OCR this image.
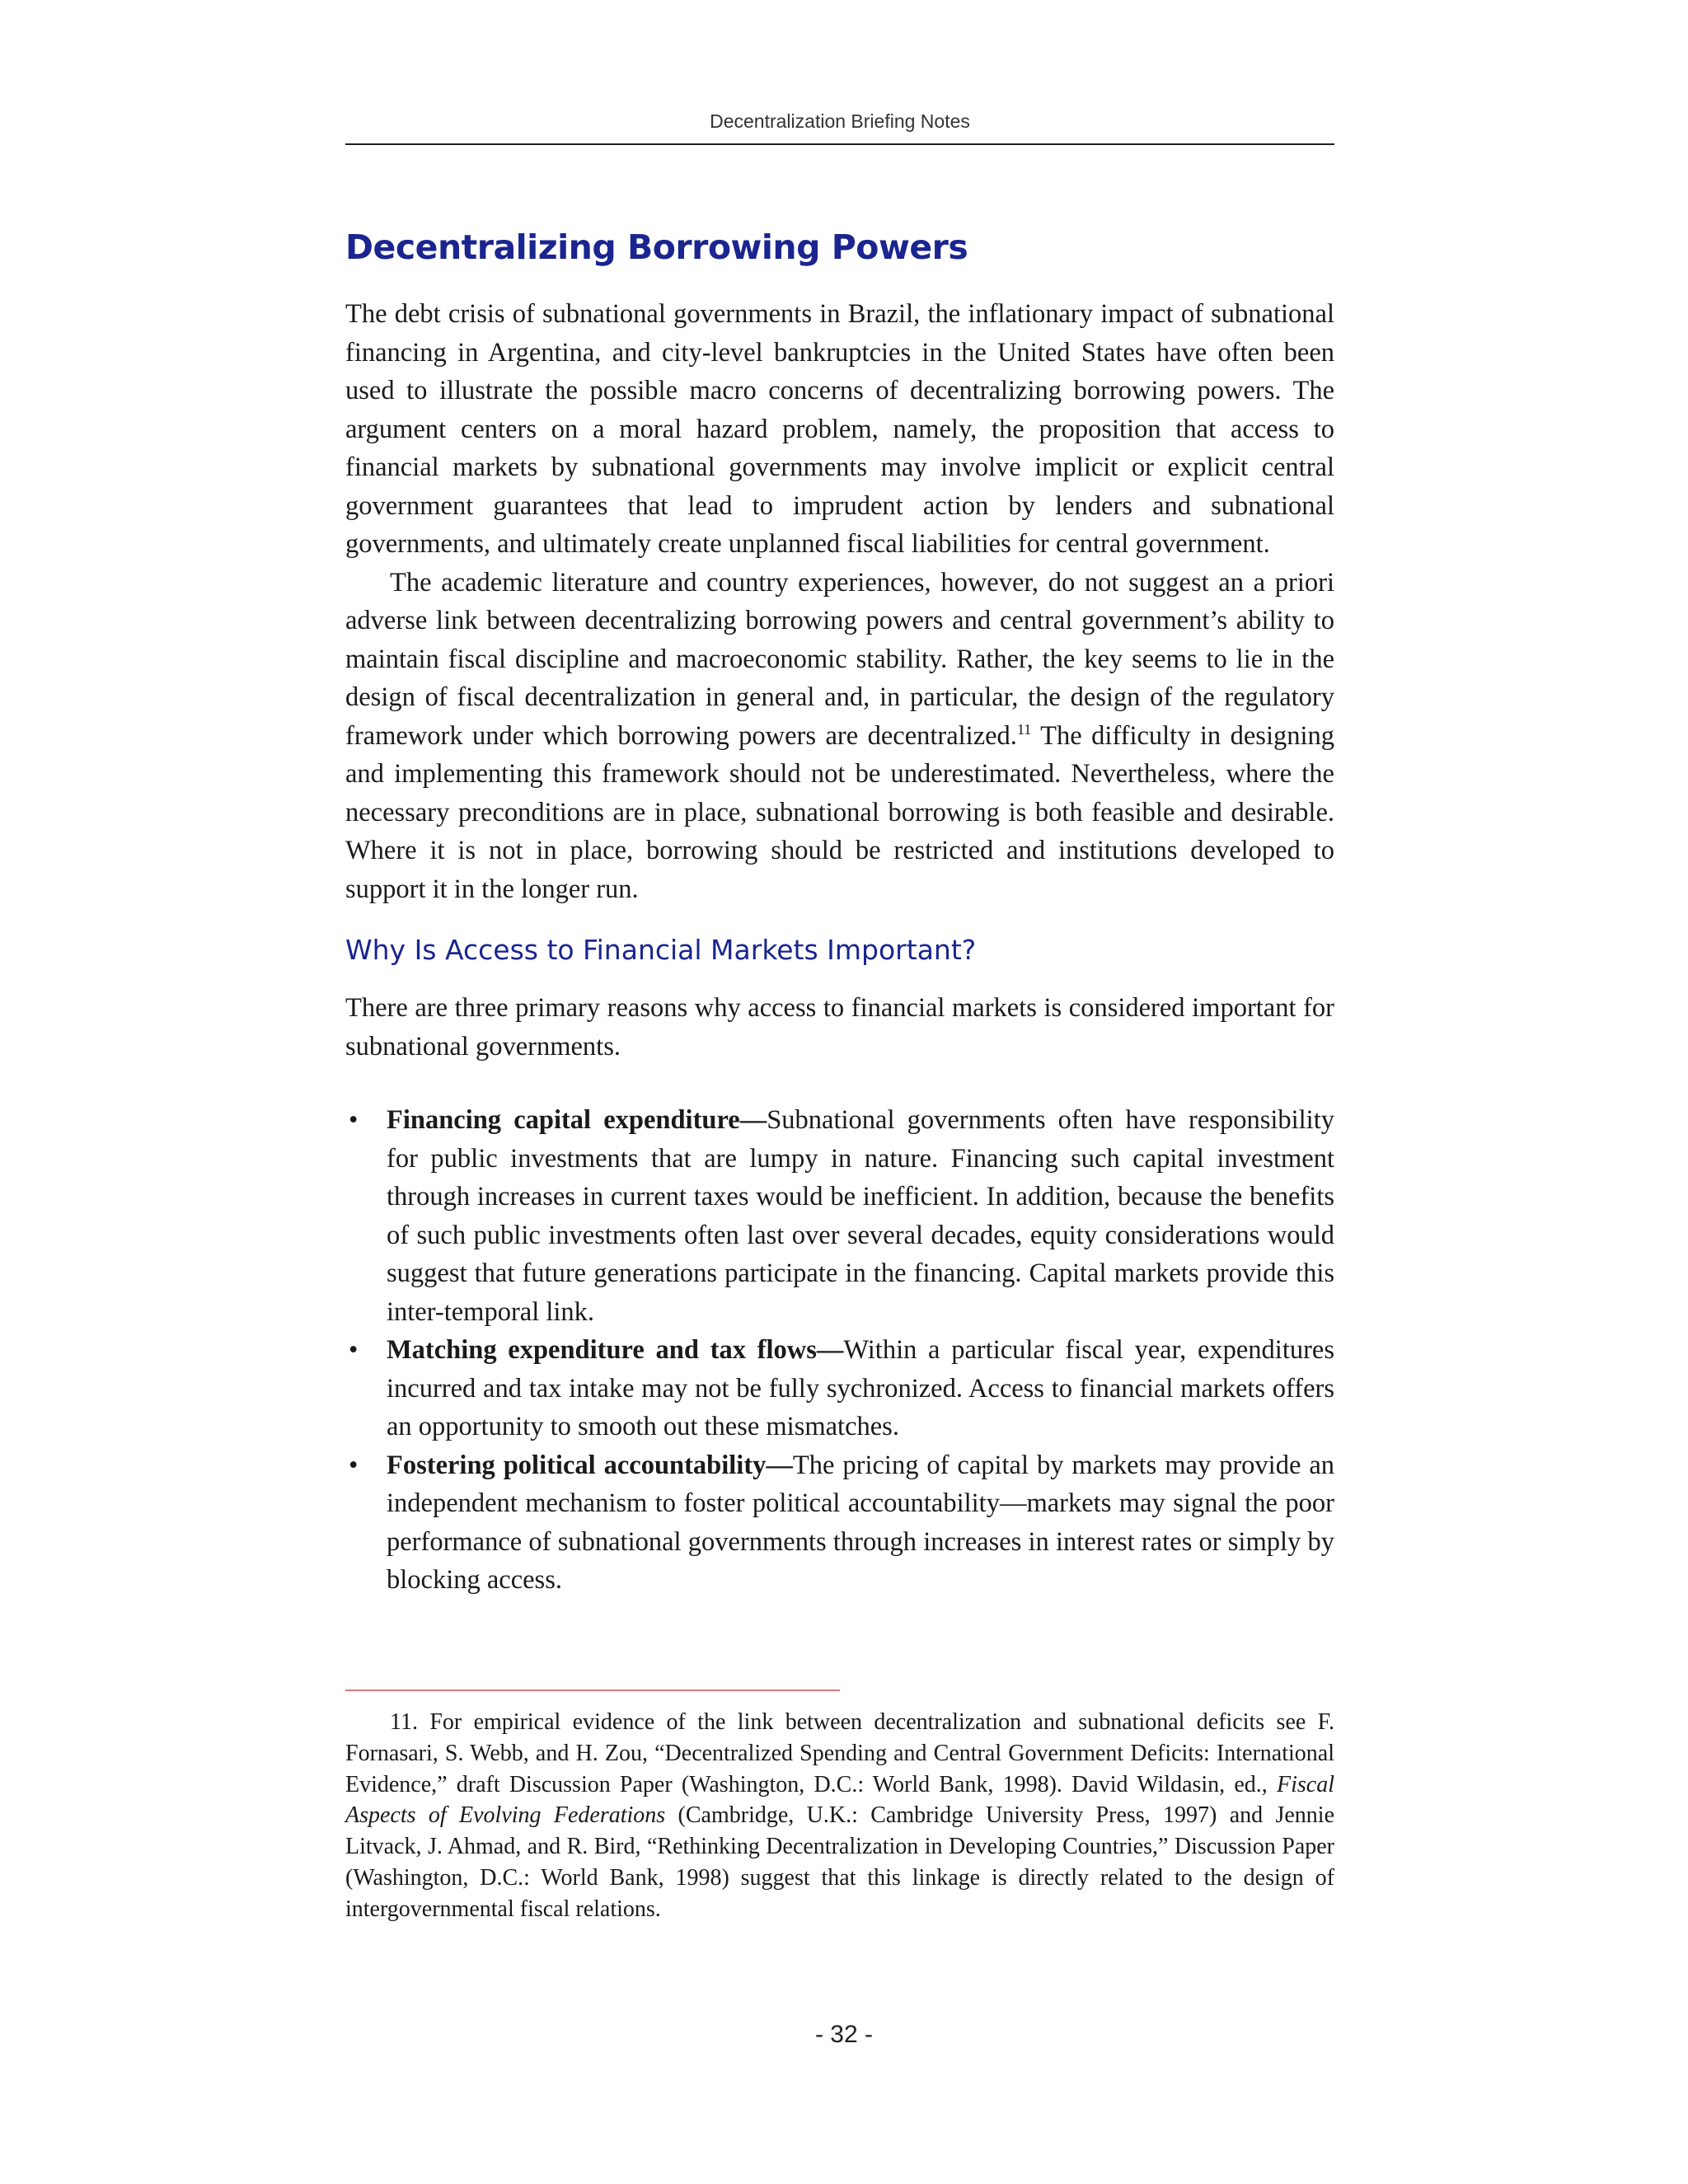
Decentralization Briefing Notes
Decentralizing Borrowing Powers

The debt crisis of subnational governments in Brazil, the inflationary impact of subnational financing in Argentina, and city-level bankruptcies in the United States have often been used to illustrate the possible macro concerns of decentralizing borrowing powers. The argument centers on a moral hazard problem, namely, the proposition that access to financial markets by subnational governments may involve implicit or explicit central government guarantees that lead to imprudent action by lenders and subnational governments, and ultimately create unplanned fiscal liabilities for central government.

The academic literature and country experiences, however, do not suggest an a priori adverse link between decentralizing borrowing powers and central government’s ability to maintain fiscal discipline and macroeconomic stability. Rather, the key seems to lie in the design of fiscal decentralization in general and, in particular, the design of the regulatory framework under which borrowing powers are decentralized.$^{11}$ The difficulty in designing and implementing this framework should not be underestimated. Nevertheless, where the necessary preconditions are in place, subnational borrowing is both feasible and desirable. Where it is not in place, borrowing should be restricted and institutions developed to support it in the longer run.

Why Is Access to Financial Markets Important?

There are three primary reasons why access to financial markets is considered important for subnational governments.

• Financing capital expenditure—Subnational governments often have responsibility for public investments that are lumpy in nature. Financing such capital investment through increases in current taxes would be inefficient. In addition, because the benefits of such public investments often last over several decades, equity considerations would suggest that future generations participate in the financing. Capital markets provide this inter-temporal link.
• Matching expenditure and tax flows—Within a particular fiscal year, expenditures incurred and tax intake may not be fully sychronized. Access to financial markets offers an opportunity to smooth out these mismatches.
• Fostering political accountability—The pricing of capital by markets may provide an independent mechanism to foster political accountability—markets may signal the poor performance of subnational governments through increases in interest rates or simply by blocking access.
11. For empirical evidence of the link between decentralization and subnational deficits see F. Fornasari, S. Webb, and H. Zou, “Decentralized Spending and Central Government Deficits: International Evidence,” draft Discussion Paper (Washington, D.C.: World Bank, 1998). David Wildasin, ed., Fiscal Aspects of Evolving Federations (Cambridge, U.K.: Cambridge University Press, 1997) and Jennie Litvack, J. Ahmad, and R. Bird, “Rethinking Decentralization in Developing Countries,” Discussion Paper (Washington, D.C.: World Bank, 1998) suggest that this linkage is directly related to the design of intergovernmental fiscal relations.
- 32 -
